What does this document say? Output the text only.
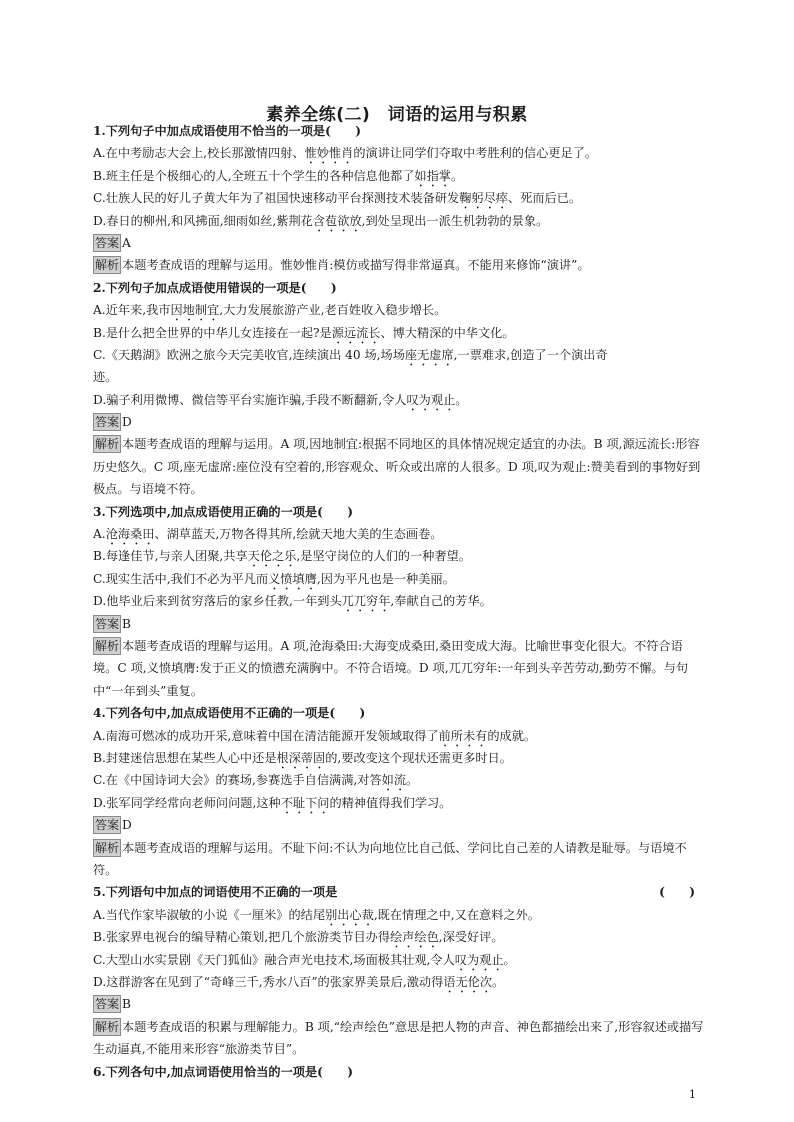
素养全练(二)　词语的运用与积累
1.下列句子中加点成语使用不恰当的一项是(　　)
A.在中考励志大会上,校长那激情四射、惟妙惟肖的演讲让同学们夺取中考胜利的信心更足了。
B.班主任是个极细心的人,全班五十个学生的各种信息他都了如指掌。
C.壮族人民的好儿子黄大年为了祖国快速移动平台探测技术装备研发鞠躬尽瘁、死而后已。
D.春日的柳州,和风拂面,细雨如丝,紫荆花含苞欲放,到处呈现出一派生机勃勃的景象。
答案 A
解析 本题考查成语的理解与运用。惟妙惟肖:模仿或描写得非常逼真。不能用来修饰“演讲”。
2.下列句子加点成语使用错误的一项是(　　)
A.近年来,我市因地制宜,大力发展旅游产业,老百姓收入稳步增长。
B.是什么把全世界的中华儿女连接在一起?是源远流长、博大精深的中华文化。
C.《天鹅湖》欧洲之旅今天完美收官,连续演出 40 场,场场座无虚席,一票难求,创造了一个演出奇
迹。
D.骗子利用微博、微信等平台实施诈骗,手段不断翻新,令人叹为观止。
答案 D
解析 本题考查成语的理解与运用。A 项,因地制宜:根据不同地区的具体情况规定适宜的办法。B 项,源远流长:形容历史悠久。C 项,座无虚席:座位没有空着的,形容观众、听众或出席的人很多。D 项,叹为观止:赞美看到的事物好到极点。与语境不符。
3.下列选项中,加点成语使用正确的一项是(　　)
A.沧海桑田、湖草蓝天,万物各得其所,绘就天地大美的生态画卷。
B.每逢佳节,与亲人团聚,共享天伦之乐,是坚守岗位的人们的一种奢望。
C.现实生活中,我们不必为平凡而义愤填膺,因为平凡也是一种美丽。
D.他毕业后来到贫穷落后的家乡任教,一年到头兀兀穷年,奉献自己的芳华。
答案 B
解析 本题考查成语的理解与运用。A 项,沧海桑田:大海变成桑田,桑田变成大海。比喻世事变化很大。不符合语境。C 项,义愤填膺:发于正义的愤懑充满胸中。不符合语境。D 项,兀兀穷年:一年到头辛苦劳动,勤劳不懈。与句中“一年到头”重复。
4.下列各句中,加点成语使用不正确的一项是(　　)
A.南海可燃冰的成功开采,意味着中国在清洁能源开发领域取得了前所未有的成就。
B.封建迷信思想在某些人心中还是根深蒂固的,要改变这个现状还需更多时日。
C.在《中国诗词大会》的赛场,参赛选手自信满满,对答如流。
D.张军同学经常向老师问问题,这种不耻下问的精神值得我们学习。
答案 D
解析 本题考查成语的理解与运用。不耻下问:不认为向地位比自己低、学问比自己差的人请教是耻辱。与语境不符。
5.下列语句中加点的词语使用不正确的一项是	(　　)
A.当代作家毕淑敏的小说《一厘米》的结尾别出心裁,既在情理之中,又在意料之外。
B.张家界电视台的编导精心策划,把几个旅游类节目办得绘声绘色,深受好评。
C.大型山水实景剧《天门狐仙》融合声光电技术,场面极其壮观,令人叹为观止。
D.这群游客在见到了“奇峰三千,秀水八百”的张家界美景后,激动得语无伦次。
答案 B
解析 本题考查成语的积累与理解能力。B 项,“绘声绘色”意思是把人物的声音、神色都描绘出来了,形容叙述或描写生动逼真,不能用来形容“旅游类节目”。
6.下列各句中,加点词语使用恰当的一项是(　　)
1
